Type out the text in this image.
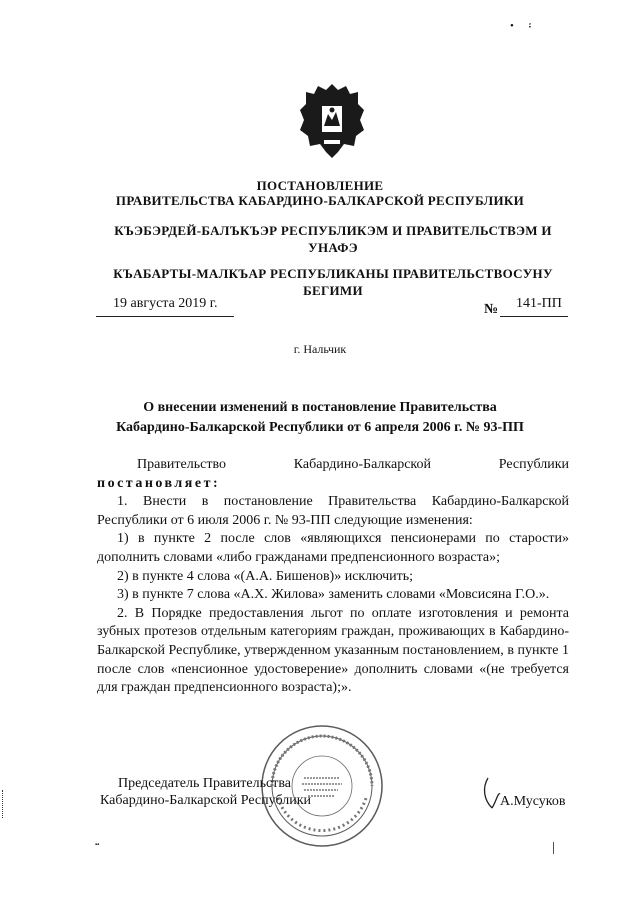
• ፡
ПОСТАНОВЛЕНИЕ
ПРАВИТЕЛЬСТВА КАБАРДИНО-БАЛКАРСКОЙ РЕСПУБЛИКИ
КЪЭБЭРДЕЙ-БАЛЪКЪЭР РЕСПУБЛИКЭМ И ПРАВИТЕЛЬСТВЭМ И УНАФЭ
КЪАБАРТЫ-МАЛКЪАР РЕСПУБЛИКАНЫ ПРАВИТЕЛЬСТВОСУНУ БЕГИМИ
19 августа 2019 г.	№ 141-ПП
г. Нальчик
О внесении изменений в постановление Правительства
Кабардино-Балкарской Республики от 6 апреля 2006 г. № 93-ПП

Правительство Кабардино-Балкарской Республики

постановляет:

1. Внести в постановление Правительства Кабардино-Балкарской Республики от 6 июля 2006 г. № 93-ПП следующие изменения:

1) в пункте 2 после слов «являющихся пенсионерами по старости» дополнить словами «либо гражданами предпенсионного возраста»;

2) в пункте 4 слова «(А.А. Бишенов)» исключить;

3) в пункте 7 слова «А.Х. Жилова» заменить словами «Мовсисяна Г.О.».

2. В Порядке предоставления льгот по оплате изготовления и ремонта зубных протезов отдельным категориям граждан, проживающих в Кабардино-Балкарской Республике, утвержденном указанным постановлением, в пункте 1 после слов «пенсионное удостоверение» дополнить словами «(не требуется для граждан предпенсионного возраста);».

Председатель Правительства
Кабардино-Балкарской Республики	А.Мусуков
▪▪
